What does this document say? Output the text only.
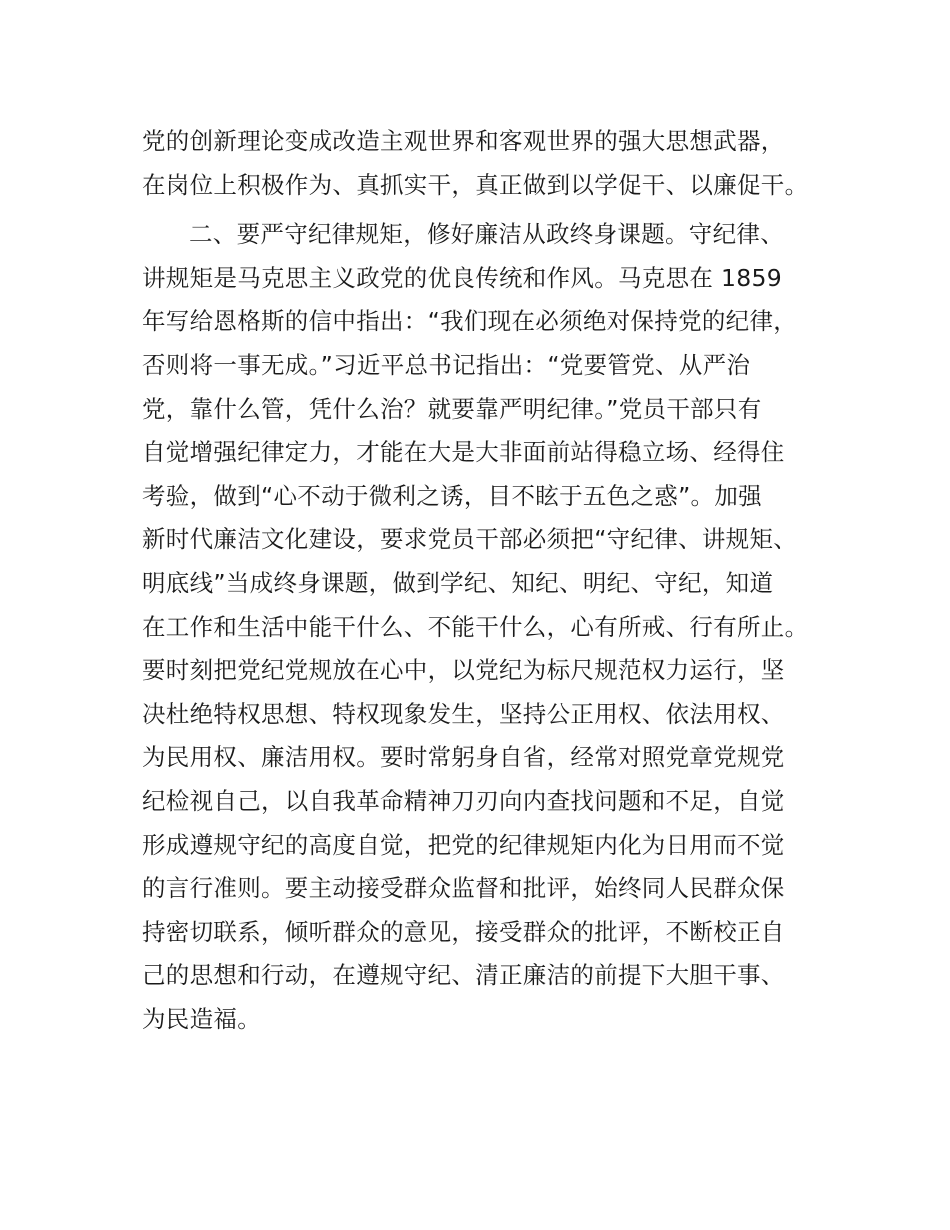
党的创新理论变成改造主观世界和客观世界的强大思想武器，
在岗位上积极作为、真抓实干，真正做到以学促干、以廉促干。
二、要严守纪律规矩，修好廉洁从政终身课题。守纪律、
讲规矩是马克思主义政党的优良传统和作风。马克思在 1859
年写给恩格斯的信中指出：“我们现在必须绝对保持党的纪律，
否则将一事无成。”习近平总书记指出：“党要管党、从严治
党，靠什么管，凭什么治？就要靠严明纪律。”党员干部只有
自觉增强纪律定力，才能在大是大非面前站得稳立场、经得住
考验，做到“心不动于微利之诱，目不眩于五色之惑”。加强
新时代廉洁文化建设，要求党员干部必须把“守纪律、讲规矩、
明底线”当成终身课题，做到学纪、知纪、明纪、守纪，知道
在工作和生活中能干什么、不能干什么，心有所戒、行有所止。
要时刻把党纪党规放在心中，以党纪为标尺规范权力运行，坚
决杜绝特权思想、特权现象发生，坚持公正用权、依法用权、
为民用权、廉洁用权。要时常躬身自省，经常对照党章党规党
纪检视自己，以自我革命精神刀刃向内查找问题和不足，自觉
形成遵规守纪的高度自觉，把党的纪律规矩内化为日用而不觉
的言行准则。要主动接受群众监督和批评，始终同人民群众保
持密切联系，倾听群众的意见，接受群众的批评，不断校正自
己的思想和行动，在遵规守纪、清正廉洁的前提下大胆干事、
为民造福。
